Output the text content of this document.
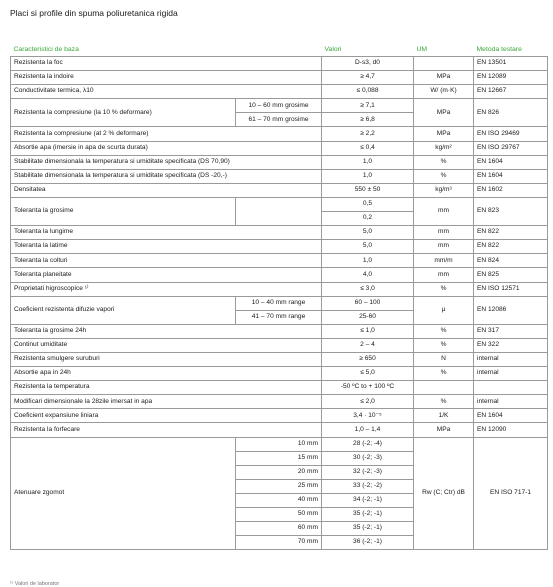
Placi si profile din spuma poliuretanica rigida
Caracteristici de baza		Valori	UM	Metoda testare
Rezistenta la foc		D-s3, d0		EN 13501
Rezistenta la indoire		≥ 4,7	MPa	EN 12089
Conductivitate termica, λ10		≤ 0,088	W/ (m·K)	EN 12667
Rezistenta la compresiune (la 10 % deformare)	10 – 60 mm grosime	≥ 7,1	MPa	EN 826
	61 – 70 mm grosime	≥ 6,8		
Rezistenta la compresiune (at 2 % deformare)		≥ 2,2	MPa	EN ISO 29469
Absortie apa (imersie in apa de scurta durata)		≤ 0,4	kg/m²	EN ISO 29767
Stabilitate dimensionala la temperatura si umiditate specificata (DS 70,90)		1,0	%	EN 1604
Stabilitate dimensionala la temperatura si umiditate specificata (DS -20,-)		1,0	%	EN 1604
Densitatea		550 ± 50	kg/m³	EN 1602
Toleranta la grosime		0,5	mm	EN 823
		0,2		
Toleranta la lungime		5,0	mm	EN 822
Toleranta la latime		5,0	mm	EN 822
Toleranta la colturi		1,0	mm/m	EN 824
Toleranta planeitate		4,0	mm	EN 825
Proprietati higroscopice ¹⁾		≤ 3,0	%	EN ISO 12571
Coeficient rezistenta difuzie vapori	10 – 40 mm range	60 – 100	μ	EN 12086
	41 – 70 mm range	25-60		
Toleranta la grosime 24h		≤ 1,0	%	EN 317
Continut umiditate		2 – 4	%	EN 322
Rezistenta smulgere suruburi		≥ 650	N	internal
Absortie apa in 24h		≤ 5,0	%	internal
Rezistenta la temperatura		-50 ºC to + 100 ºC		
Modificari dimensionale la 28zile imersat in apa		≤ 2,0	%	internal
Coeficient expansiune liniara		3,4 · 10⁻⁵	1/K	EN 1604
Rezistenta la forfecare		1,0 – 1,4	MPa	EN 12090
Atenuare zgomot	10 mm	28 (-2; -4)	Rw (C; Ctr) dB	EN ISO 717-1
	15 mm	30 (-2; -3)		
	20 mm	32 (-2; -3)		
	25 mm	33 (-2; -2)		
	40 mm	34 (-2; -1)		
	50 mm	35 (-2; -1)		
	60 mm	35 (-2; -1)		
	70 mm	36 (-2; -1)		
¹⁾ Valori de laborator
